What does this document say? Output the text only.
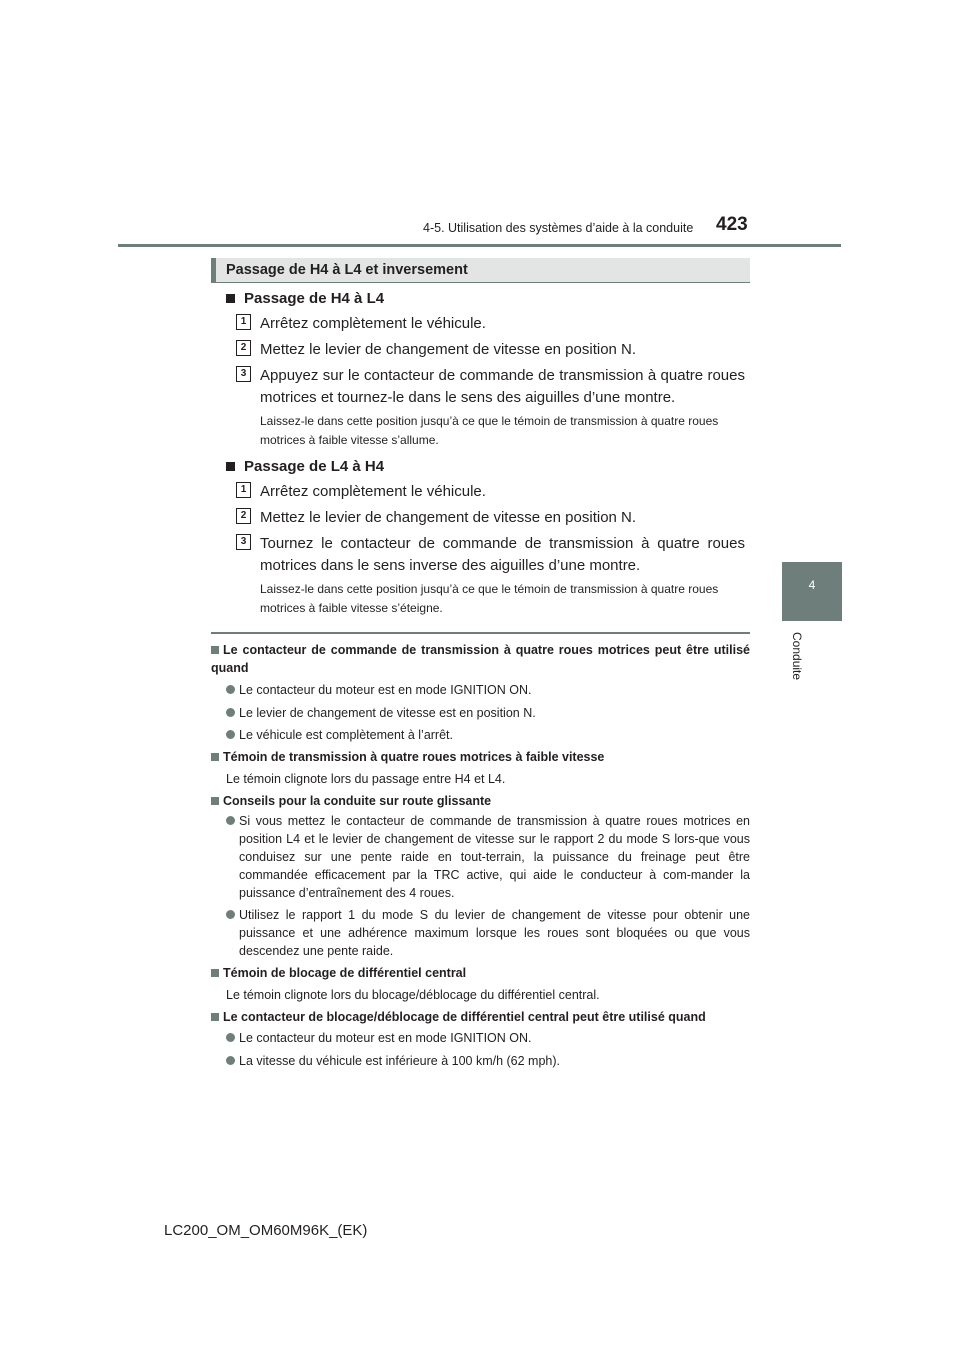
4-5. Utilisation des systèmes d’aide à la conduite 423
4
Conduite
Passage de H4 à L4 et inversement
Passage de H4 à L4
1 Arrêtez complètement le véhicule.
2 Mettez le levier de changement de vitesse en position N.
3 Appuyez sur le contacteur de commande de transmission à quatre roues motrices et tournez-le dans le sens des aiguilles d’une montre.
Laissez-le dans cette position jusqu’à ce que le témoin de transmission à quatre roues motrices à faible vitesse s’allume.
Passage de L4 à H4
1 Arrêtez complètement le véhicule.
2 Mettez le levier de changement de vitesse en position N.
3 Tournez le contacteur de commande de transmission à quatre roues motrices dans le sens inverse des aiguilles d’une montre.
Laissez-le dans cette position jusqu’à ce que le témoin de transmission à quatre roues motrices à faible vitesse s’éteigne.
Le contacteur de commande de transmission à quatre roues motrices peut être utilisé quand
Le contacteur du moteur est en mode IGNITION ON.
Le levier de changement de vitesse est en position N.
Le véhicule est complètement à l’arrêt.
Témoin de transmission à quatre roues motrices à faible vitesse
Le témoin clignote lors du passage entre H4 et L4.
Conseils pour la conduite sur route glissante
Si vous mettez le contacteur de commande de transmission à quatre roues motrices en position L4 et le levier de changement de vitesse sur le rapport 2 du mode S lors-que vous conduisez sur une pente raide en tout-terrain, la puissance du freinage peut être commandée efficacement par la TRC active, qui aide le conducteur à com-mander la puissance d’entraînement des 4 roues.
Utilisez le rapport 1 du mode S du levier de changement de vitesse pour obtenir une puissance et une adhérence maximum lorsque les roues sont bloquées ou que vous descendez une pente raide.
Témoin de blocage de différentiel central
Le témoin clignote lors du blocage/déblocage du différentiel central.
Le contacteur de blocage/déblocage de différentiel central peut être utilisé quand
Le contacteur du moteur est en mode IGNITION ON.
La vitesse du véhicule est inférieure à 100 km/h (62 mph).
LC200_OM_OM60M96K_(EK)
